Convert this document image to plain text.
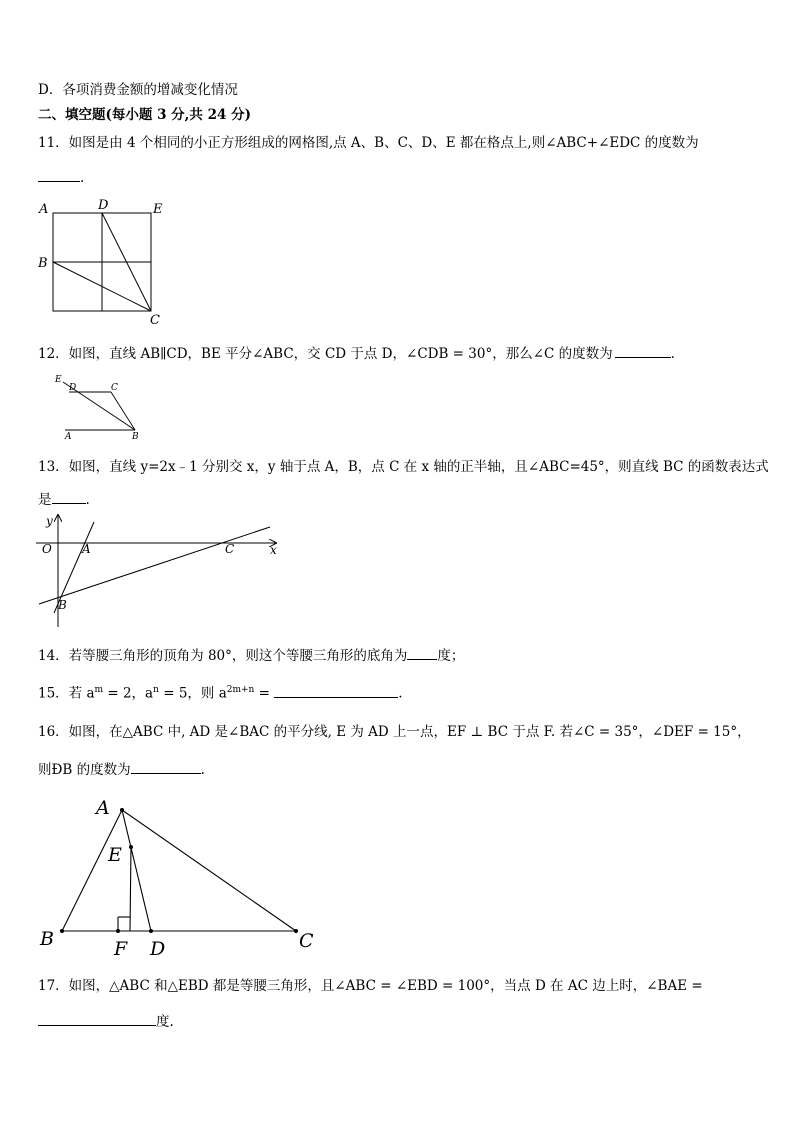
D．各项消费金额的增减变化情况
二、填空题(每小题 3 分,共 24 分)
11．如图是由 4 个相同的小正方形组成的网格图,点 A、B、C、D、E 都在格点上,则∠ABC+∠EDC 的度数为
.
A	D	E
B
C
12．如图，直线 AB∥CD，BE 平分∠ABC，交 CD 于点 D，∠CDB = 30°，那么∠C 的度数为	.
E
D	C
A	B
13．如图，直线 y=2x﹣1 分别交 x，y 轴于点 A，B，点 C 在 x 轴的正半轴，且∠ABC=45°，则直线 BC 的函数表达式
是	.
y
x
O	A	C
B
14．若等腰三角形的顶角为 80°，则这个等腰三角形的底角为 度；
15．若 $a^m = 2$，$a^n = 5$，则 $a^{2m+n}$ =	.
16．如图，在△ABC 中, AD 是∠BAC 的平分线, E 为 AD 上一点，EF ⊥ BC 于点 F. 若∠C = 35°，∠DEF = 15°，
则ÐB 的度数为	.
A
E
B	F D	C
17．如图，△ABC 和△EBD 都是等腰三角形，且∠ABC = ∠EBD = 100°，当点 D 在 AC 边上时，∠BAE =
度.
